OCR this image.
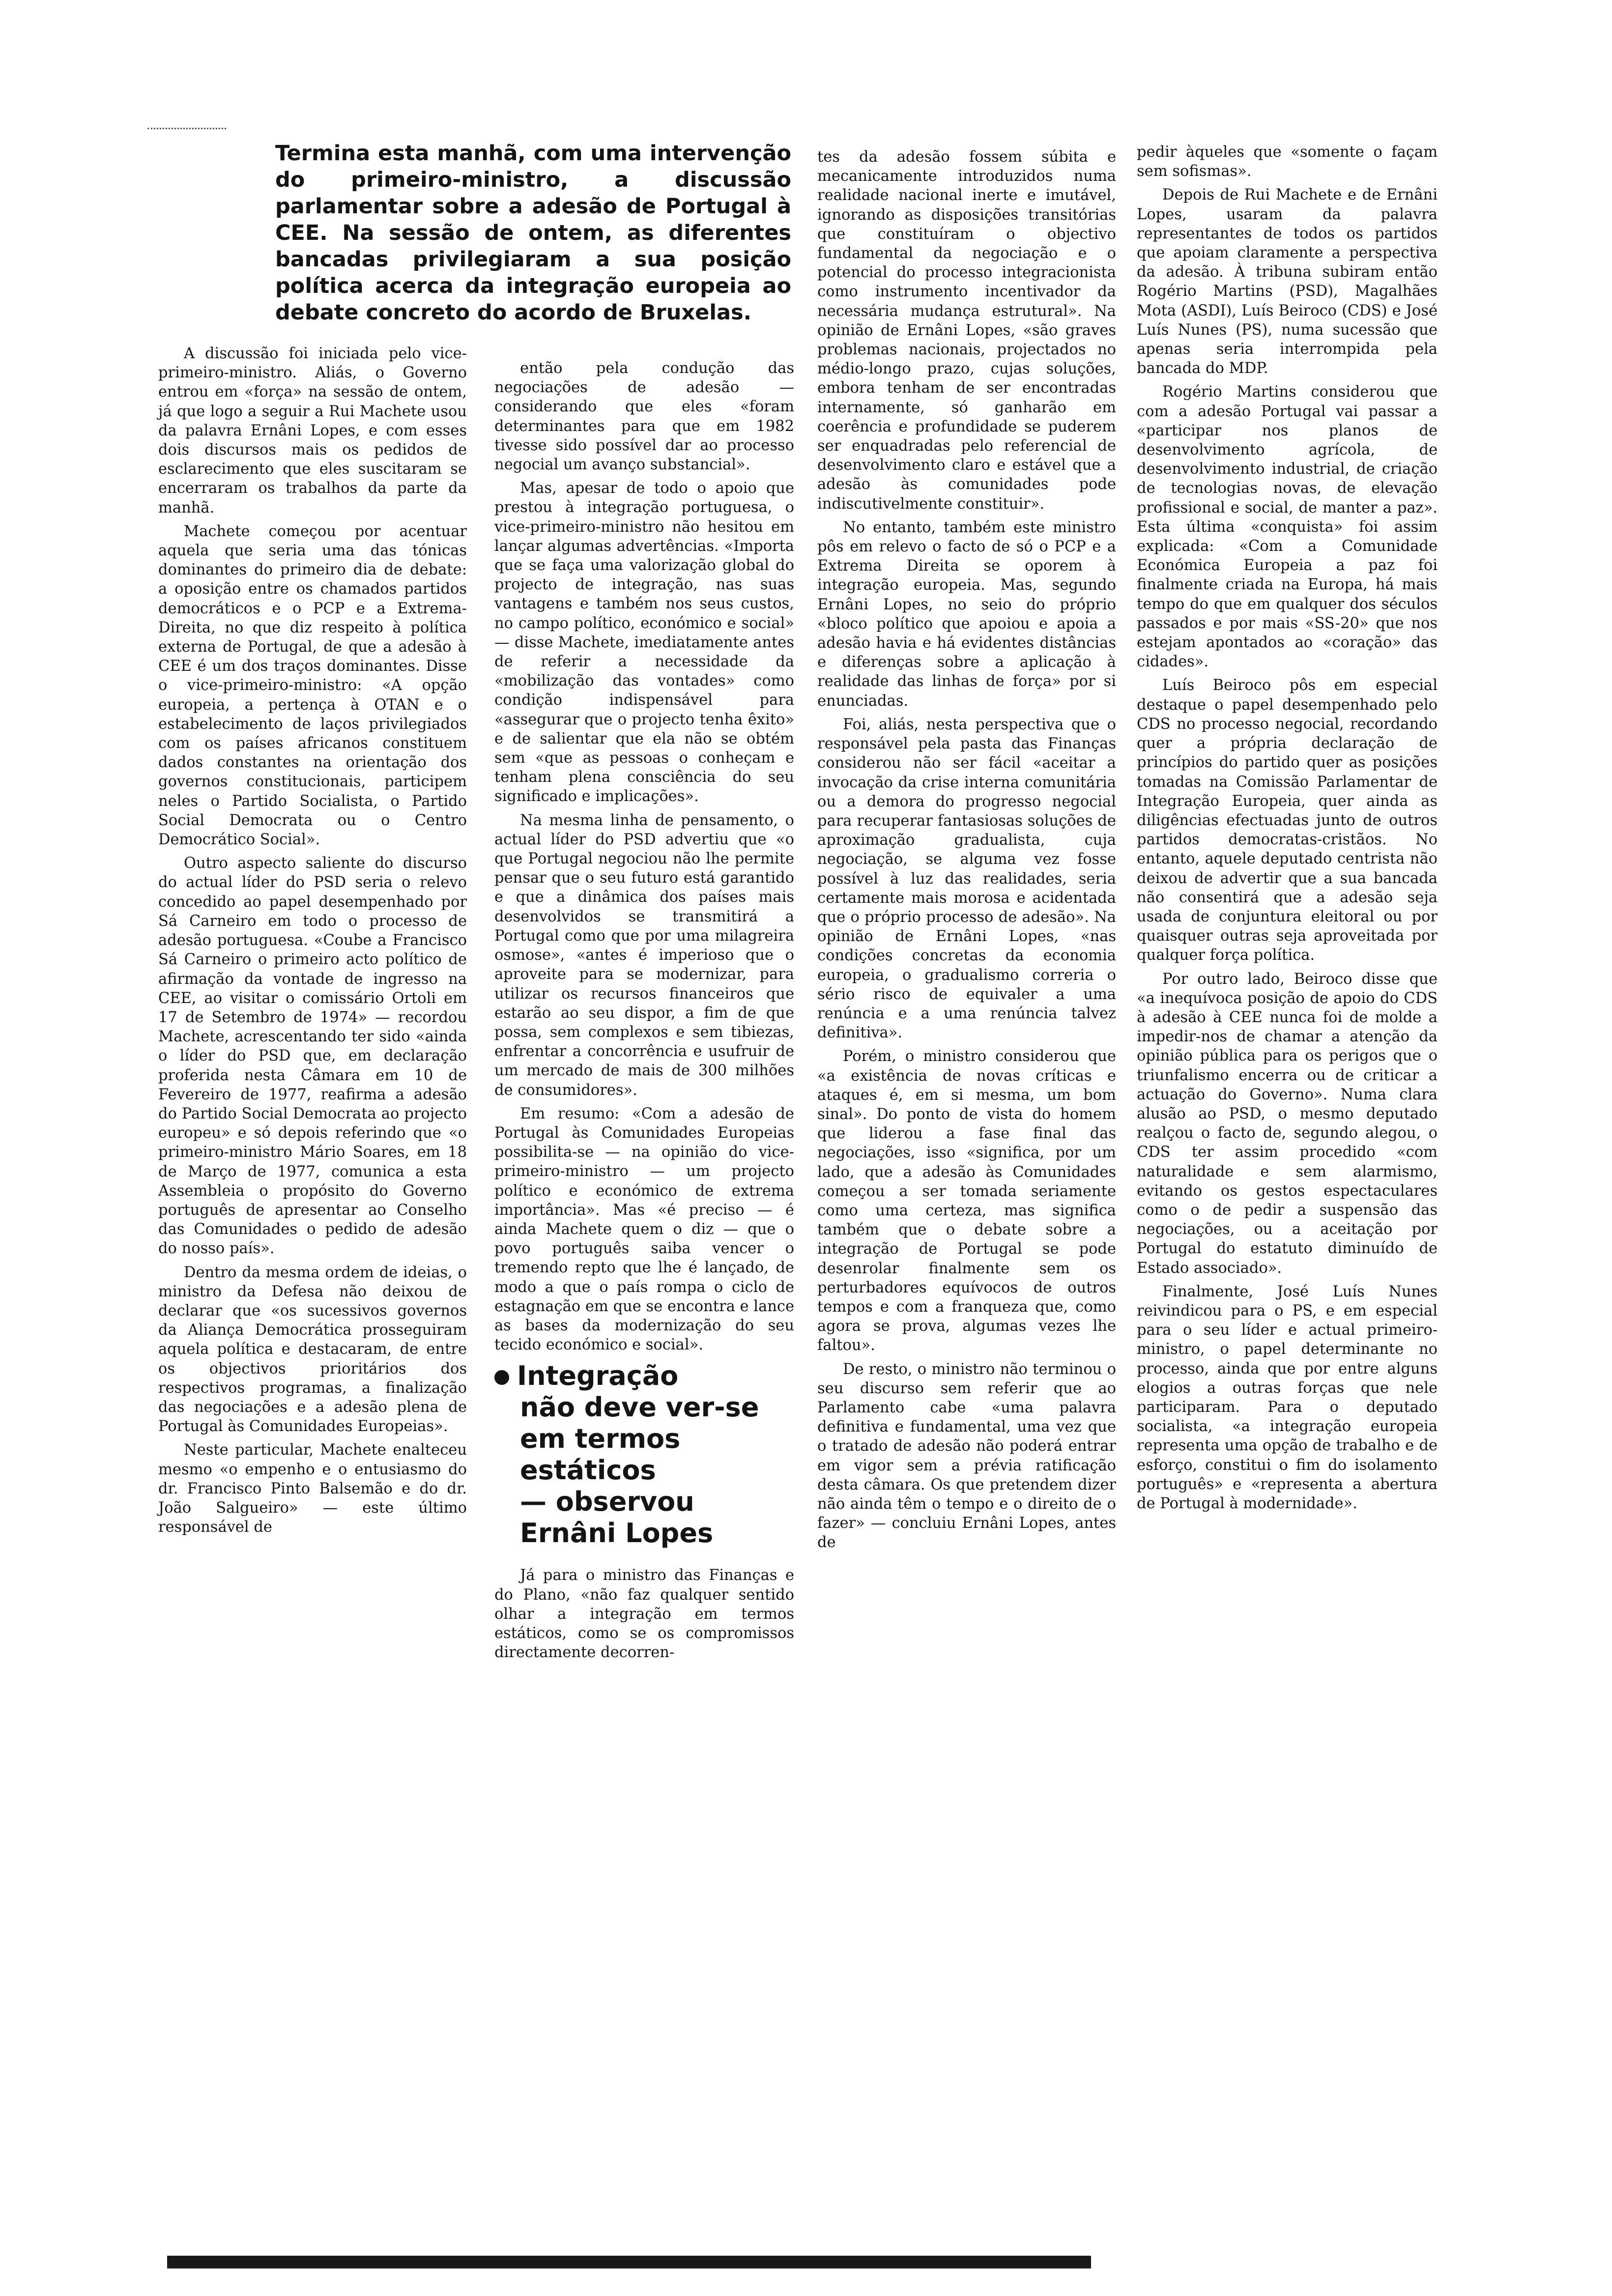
Termina esta manhã, com uma intervenção do primeiro-ministro, a discussão parlamentar sobre a adesão de Portugal à CEE. Na sessão de ontem, as diferentes bancadas privilegiaram a sua posição política acerca da integração europeia ao debate concreto do acordo de Bruxelas.

A discussão foi iniciada pelo vice-primeiro-ministro. Aliás, o Governo entrou em «força» na sessão de ontem, já que logo a seguir a Rui Machete usou da palavra Ernâni Lopes, e com esses dois discursos mais os pedidos de esclarecimento que eles suscitaram se encerraram os trabalhos da parte da manhã.

Machete começou por acentuar aquela que seria uma das tónicas dominantes do primeiro dia de debate: a oposição entre os chamados partidos democráticos e o PCP e a Extrema-Direita, no que diz respeito à política externa de Portugal, de que a adesão à CEE é um dos traços dominantes. Disse o vice-primeiro-ministro: «A opção europeia, a pertença à OTAN e o estabelecimento de laços privilegiados com os países africanos constituem dados constantes na orientação dos governos constitucionais, participem neles o Partido Socialista, o Partido Social Democrata ou o Centro Democrático Social».

Outro aspecto saliente do discurso do actual líder do PSD seria o relevo concedido ao papel desempenhado por Sá Carneiro em todo o processo de adesão portuguesa. «Coube a Francisco Sá Carneiro o primeiro acto político de afirmação da vontade de ingresso na CEE, ao visitar o comissário Ortoli em 17 de Setembro de 1974» — recordou Machete, acrescentando ter sido «ainda o líder do PSD que, em declaração proferida nesta Câmara em 10 de Fevereiro de 1977, reafirma a adesão do Partido Social Democrata ao projecto europeu» e só depois referindo que «o primeiro-ministro Mário Soares, em 18 de Março de 1977, comunica a esta Assembleia o propósito do Governo português de apresentar ao Conselho das Comunidades o pedido de adesão do nosso país».

Dentro da mesma ordem de ideias, o ministro da Defesa não deixou de declarar que «os sucessivos governos da Aliança Democrática prosseguiram aquela política e destacaram, de entre os objectivos prioritários dos respectivos programas, a finalização das negociações e a adesão plena de Portugal às Comunidades Europeias».

Neste particular, Machete enalteceu mesmo «o empenho e o entusiasmo do dr. Francisco Pinto Balsemão e do dr. João Salgueiro» — este último responsável de

então pela condução das negociações de adesão — considerando que eles «foram determinantes para que em 1982 tivesse sido possível dar ao processo negocial um avanço substancial».

Mas, apesar de todo o apoio que prestou à integração portuguesa, o vice-primeiro-ministro não hesitou em lançar algumas advertências. «Importa que se faça uma valorização global do projecto de integração, nas suas vantagens e também nos seus custos, no campo político, económico e social» — disse Machete, imediatamente antes de referir a necessidade da «mobilização das vontades» como condição indispensável para «assegurar que o projecto tenha êxito» e de salientar que ela não se obtém sem «que as pessoas o conheçam e tenham plena consciência do seu significado e implicações».

Na mesma linha de pensamento, o actual líder do PSD advertiu que «o que Portugal negociou não lhe permite pensar que o seu futuro está garantido e que a dinâmica dos países mais desenvolvidos se transmitirá a Portugal como que por uma milagreira osmose», «antes é imperioso que o aproveite para se modernizar, para utilizar os recursos financeiros que estarão ao seu dispor, a fim de que possa, sem complexos e sem tibiezas, enfrentar a concorrência e usufruir de um mercado de mais de 300 milhões de consumidores».

Em resumo: «Com a adesão de Portugal às Comunidades Europeias possibilita-se — na opinião do vice-primeiro-ministro — um projecto político e económico de extrema importância». Mas «é preciso — é ainda Machete quem o diz — que o povo português saiba vencer o tremendo repto que lhe é lançado, de modo a que o país rompa o ciclo de estagnação em que se encontra e lance as bases da modernização do seu tecido económico e social».

Integração
não deve ver-se
em termos
estáticos
— observou
Ernâni Lopes

Já para o ministro das Finanças e do Plano, «não faz qualquer sentido olhar a integração em termos estáticos, como se os compromissos directamente decorren-

tes da adesão fossem súbita e mecanicamente introduzidos numa realidade nacional inerte e imutável, ignorando as disposições transitórias que constituíram o objectivo fundamental da negociação e o potencial do processo integracionista como instrumento incentivador da necessária mudança estrutural». Na opinião de Ernâni Lopes, «são graves problemas nacionais, projectados no médio-longo prazo, cujas soluções, embora tenham de ser encontradas internamente, só ganharão em coerência e profundidade se puderem ser enquadradas pelo referencial de desenvolvimento claro e estável que a adesão às comunidades pode indiscutivelmente constituir».

No entanto, também este ministro pôs em relevo o facto de só o PCP e a Extrema Direita se oporem à integração europeia. Mas, segundo Ernâni Lopes, no seio do próprio «bloco político que apoiou e apoia a adesão havia e há evidentes distâncias e diferenças sobre a aplicação à realidade das linhas de força» por si enunciadas.

Foi, aliás, nesta perspectiva que o responsável pela pasta das Finanças considerou não ser fácil «aceitar a invocação da crise interna comunitária ou a demora do progresso negocial para recuperar fantasiosas soluções de aproximação gradualista, cuja negociação, se alguma vez fosse possível à luz das realidades, seria certamente mais morosa e acidentada que o próprio processo de adesão». Na opinião de Ernâni Lopes, «nas condições concretas da economia europeia, o gradualismo correria o sério risco de equivaler a uma renúncia e a uma renúncia talvez definitiva».

Porém, o ministro considerou que «a existência de novas críticas e ataques é, em si mesma, um bom sinal». Do ponto de vista do homem que liderou a fase final das negociações, isso «significa, por um lado, que a adesão às Comunidades começou a ser tomada seriamente como uma certeza, mas significa também que o debate sobre a integração de Portugal se pode desenrolar finalmente sem os perturbadores equívocos de outros tempos e com a franqueza que, como agora se prova, algumas vezes lhe faltou».

De resto, o ministro não terminou o seu discurso sem referir que ao Parlamento cabe «uma palavra definitiva e fundamental, uma vez que o tratado de adesão não poderá entrar em vigor sem a prévia ratificação desta câmara. Os que pretendem dizer não ainda têm o tempo e o direito de o fazer» — concluiu Ernâni Lopes, antes de

pedir àqueles que «somente o façam sem sofismas».

Depois de Rui Machete e de Ernâni Lopes, usaram da palavra representantes de todos os partidos que apoiam claramente a perspectiva da adesão. À tribuna subiram então Rogério Martins (PSD), Magalhães Mota (ASDI), Luís Beiroco (CDS) e José Luís Nunes (PS), numa sucessão que apenas seria interrompida pela bancada do MDP.

Rogério Martins considerou que com a adesão Portugal vai passar a «participar nos planos de desenvolvimento agrícola, de desenvolvimento industrial, de criação de tecnologias novas, de elevação profissional e social, de manter a paz». Esta última «conquista» foi assim explicada: «Com a Comunidade Económica Europeia a paz foi finalmente criada na Europa, há mais tempo do que em qualquer dos séculos passados e por mais «SS-20» que nos estejam apontados ao «coração» das cidades».

Luís Beiroco pôs em especial destaque o papel desempenhado pelo CDS no processo negocial, recordando quer a própria declaração de princípios do partido quer as posições tomadas na Comissão Parlamentar de Integração Europeia, quer ainda as diligências efectuadas junto de outros partidos democratas-cristãos. No entanto, aquele deputado centrista não deixou de advertir que a sua bancada não consentirá que a adesão seja usada de conjuntura eleitoral ou por quaisquer outras seja aproveitada por qualquer força política.

Por outro lado, Beiroco disse que «a inequívoca posição de apoio do CDS à adesão à CEE nunca foi de molde a impedir-nos de chamar a atenção da opinião pública para os perigos que o triunfalismo encerra ou de criticar a actuação do Governo». Numa clara alusão ao PSD, o mesmo deputado realçou o facto de, segundo alegou, o CDS ter assim procedido «com naturalidade e sem alarmismo, evitando os gestos espectaculares como o de pedir a suspensão das negociações, ou a aceitação por Portugal do estatuto diminuído de Estado associado».

Finalmente, José Luís Nunes reivindicou para o PS, e em especial para o seu líder e actual primeiro-ministro, o papel determinante no processo, ainda que por entre alguns elogios a outras forças que nele participaram. Para o deputado socialista, «a integração europeia representa uma opção de trabalho e de esforço, constitui o fim do isolamento português» e «representa a abertura de Portugal à modernidade».
